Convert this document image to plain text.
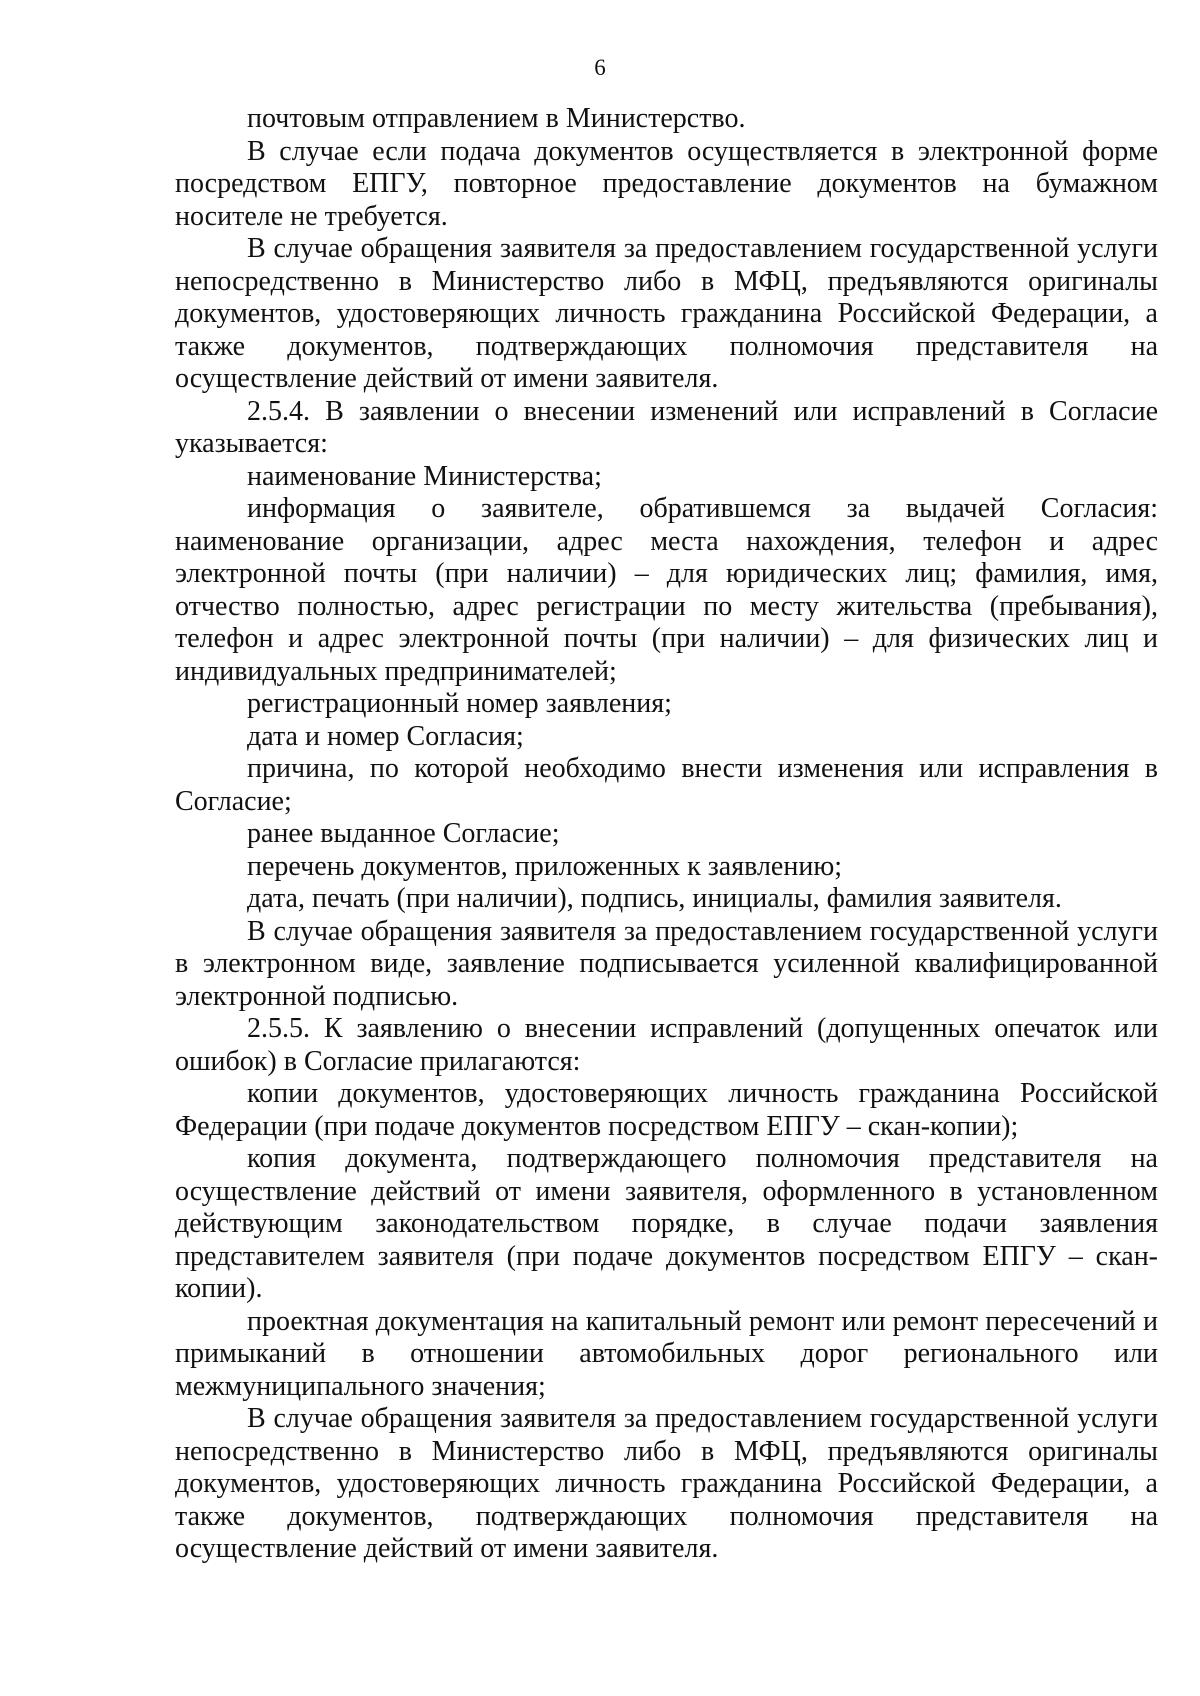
6

почтовым отправлением в Министерство.

В случае если подача документов осуществляется в электронной форме посредством ЕПГУ, повторное предоставление документов на бумажном носителе не требуется.

В случае обращения заявителя за предоставлением государственной услуги непосредственно в Министерство либо в МФЦ, предъявляются оригиналы документов, удостоверяющих личность гражданина Российской Федерации, а также документов, подтверждающих полномочия представителя на осуществление действий от имени заявителя.

2.5.4. В заявлении о внесении изменений или исправлений в Согласие указывается:

наименование Министерства;

информация о заявителе, обратившемся за выдачей Согласия: наименование организации, адрес места нахождения, телефон и адрес электронной почты (при наличии) – для юридических лиц; фамилия, имя, отчество полностью, адрес регистрации по месту жительства (пребывания), телефон и адрес электронной почты (при наличии) – для физических лиц и индивидуальных предпринимателей;

регистрационный номер заявления;

дата и номер Согласия;

причина, по которой необходимо внести изменения или исправления в Согласие;

ранее выданное Согласие;

перечень документов, приложенных к заявлению;

дата, печать (при наличии), подпись, инициалы, фамилия заявителя.

В случае обращения заявителя за предоставлением государственной услуги в электронном виде, заявление подписывается усиленной квалифицированной электронной подписью.

2.5.5. К заявлению о внесении исправлений (допущенных опечаток или ошибок) в Согласие прилагаются:

копии документов, удостоверяющих личность гражданина Российской Федерации (при подаче документов посредством ЕПГУ – скан-копии);

копия документа, подтверждающего полномочия представителя на осуществление действий от имени заявителя, оформленного в установленном действующим законодательством порядке, в случае подачи заявления представителем заявителя (при подаче документов посредством ЕПГУ – скан-копии).

проектная документация на капитальный ремонт или ремонт пересечений и примыканий в отношении автомобильных дорог регионального или межмуниципального значения;

В случае обращения заявителя за предоставлением государственной услуги непосредственно в Министерство либо в МФЦ, предъявляются оригиналы документов, удостоверяющих личность гражданина Российской Федерации, а также документов, подтверждающих полномочия представителя на осуществление действий от имени заявителя.
